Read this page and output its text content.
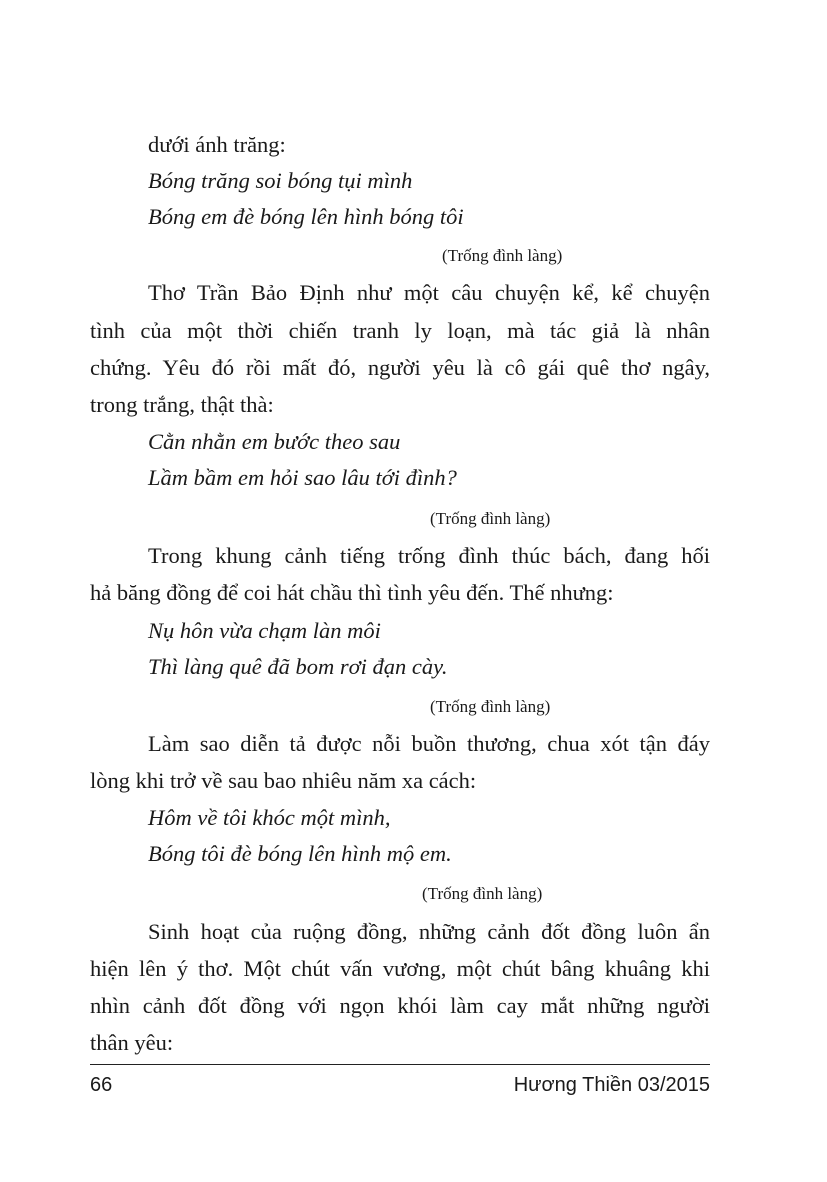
dưới ánh trăng:
Bóng trăng soi bóng tụi mình
Bóng em đè bóng lên hình bóng tôi
(Trống đình làng)
Thơ Trần Bảo Định như một câu chuyện kể, kể chuyện
tình của một thời chiến tranh ly loạn, mà tác giả là nhân
chứng. Yêu đó rồi mất đó, người yêu là cô gái quê thơ ngây,
trong trắng, thật thà:
Cằn nhằn em bước theo sau
Lầm bầm em hỏi sao lâu tới đình?
(Trống đình làng)
Trong khung cảnh tiếng trống đình thúc bách, đang hối
hả băng đồng để coi hát chầu thì tình yêu đến. Thế nhưng:
Nụ hôn vừa chạm làn môi
Thì làng quê đã bom rơi đạn cày.
(Trống đình làng)
Làm sao diễn tả được nỗi buồn thương, chua xót tận đáy
lòng khi trở về sau bao nhiêu năm xa cách:
Hôm về tôi khóc một mình,
Bóng tôi đè bóng lên hình mộ em.
(Trống đình làng)
Sinh hoạt của ruộng đồng, những cảnh đốt đồng luôn ẩn
hiện lên ý thơ. Một chút vấn vương, một chút bâng khuâng khi
nhìn cảnh đốt đồng với ngọn khói làm cay mắt những người
thân yêu:
66	Hương Thiền 03/2015
